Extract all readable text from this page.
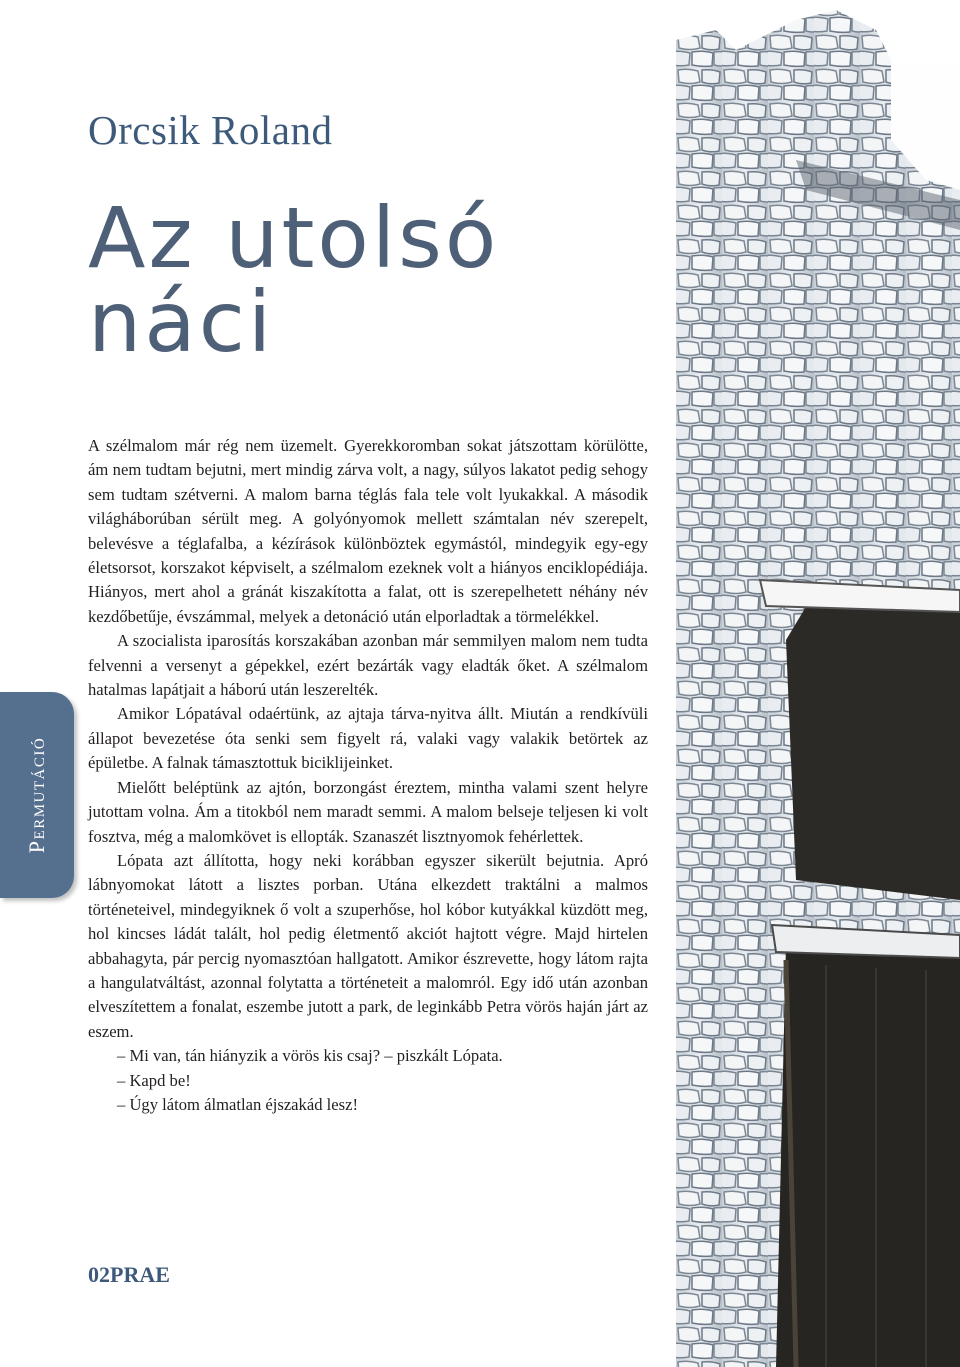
Orcsik Roland
Az utolsó
náci

A szélmalom már rég nem üzemelt. Gyerekkoromban sokat játszottam körülötte, ám nem tudtam bejutni, mert mindig zárva volt, a nagy, súlyos lakatot pedig sehogy sem tudtam szétverni. A malom barna téglás fala tele volt lyukakkal. A második világháborúban sérült meg. A golyónyomok mellett számtalan név szerepelt, belevésve a téglafalba, a kézírások különböztek egymástól, mindegyik egy-egy életsorsot, korszakot képviselt, a szélmalom ezeknek volt a hiányos enciklopédiája. Hiányos, mert ahol a gránát kiszakította a falat, ott is szerepelhetett néhány név kezdőbetűje, évszámmal, melyek a detonáció után elporladtak a törmelékkel.

A szocialista iparosítás korszakában azonban már semmilyen malom nem tudta felvenni a versenyt a gépekkel, ezért bezárták vagy eladták őket. A szélmalom hatalmas lapátjait a háború után leszerelték.

Amikor Lópatával odaértünk, az ajtaja tárva-nyitva állt. Miután a rendkívüli állapot bevezetése óta senki sem figyelt rá, valaki vagy valakik betörtek az épületbe. A falnak támasztottuk biciklijeinket.

Mielőtt beléptünk az ajtón, borzongást éreztem, mintha valami szent helyre jutottam volna. Ám a titokból nem maradt semmi. A malom belseje teljesen ki volt fosztva, még a malomkövet is ellopták. Szanaszét lisztnyomok fehérlettek.

Lópata azt állította, hogy neki korábban egyszer sikerült bejutnia. Apró lábnyomokat látott a lisztes porban. Utána elkezdett traktálni a malmos történeteivel, mindegyiknek ő volt a szuperhőse, hol kóbor kutyákkal küzdött meg, hol kincses ládát talált, hol pedig életmentő akciót hajtott végre. Majd hirtelen abbahagyta, pár percig nyomasztóan hallgatott. Amikor észrevette, hogy látom rajta a hangulatváltást, azonnal folytatta a történeteit a malomról. Egy idő után azonban elveszítettem a fonalat, eszembe jutott a park, de leginkább Petra vörös haján járt az eszem.

– Mi van, tán hiányzik a vörös kis csaj? – piszkált Lópata.

– Kapd be!

– Úgy látom álmatlan éjszakád lesz!

Permutáció
02PRAE
